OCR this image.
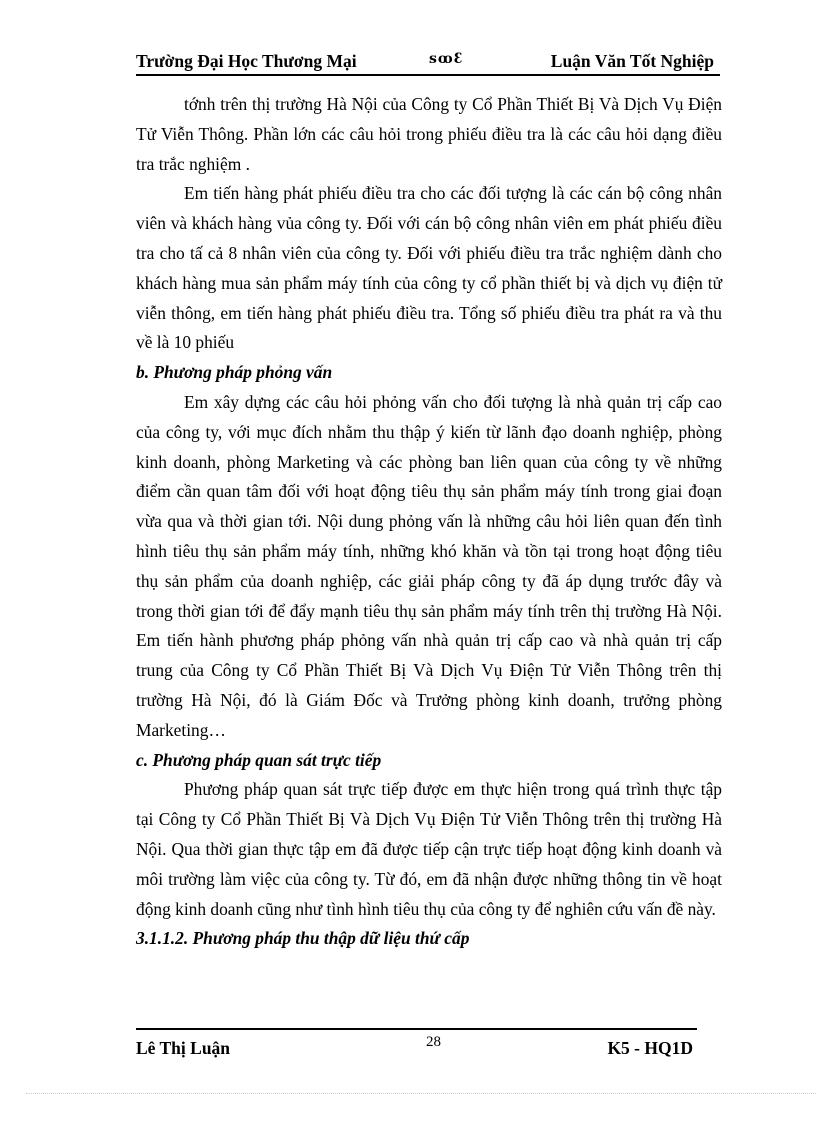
Trường Đại Học Thương Mại	ꜱꝏꜫ	Luận Văn Tốt Nghiệp

tớnh trên thị trường Hà Nội của Công ty Cổ Phần Thiết Bị Và Dịch Vụ Điện Tử Viễn Thông. Phần lớn các câu hỏi trong phiếu điều tra là các câu hỏi dạng điều tra trắc nghiệm .

Em tiến hàng phát phiếu điều tra cho các đối tượng là các cán bộ công nhân viên và khách hàng vủa công ty. Đối với cán bộ công nhân viên em phát phiếu điều tra cho tấ cả 8 nhân viên của công ty. Đối với phiếu điều tra trắc nghiệm dành cho khách hàng mua sản phẩm máy tính của công ty cổ phần thiết bị và dịch vụ điện tử viễn thông, em tiến hàng phát phiếu điều tra. Tổng số phiếu điều tra phát ra và thu về là 10 phiếu

b. Phương pháp phỏng vấn

Em xây dựng các câu hỏi phỏng vấn cho đối tượng là nhà quản trị cấp cao của công ty, với mục đích nhằm thu thập ý kiến từ lãnh đạo doanh nghiệp, phòng kinh doanh, phòng Marketing và các phòng ban liên quan của công ty về những điểm cần quan tâm đối với hoạt động tiêu thụ sản phẩm máy tính trong giai đoạn vừa qua và thời gian tới. Nội dung phỏng vấn là những câu hỏi liên quan đến tình hình tiêu thụ sản phẩm máy tính, những khó khăn và tồn tại trong hoạt động tiêu thụ sản phẩm của doanh nghiệp, các giải pháp công ty đã áp dụng trước đây và trong thời gian tới để đẩy mạnh tiêu thụ sản phẩm máy tính trên thị trường Hà Nội. Em tiến hành phương pháp phỏng vấn nhà quản trị cấp cao và nhà quản trị cấp trung của Công ty Cổ Phần Thiết Bị Và Dịch Vụ Điện Tử Viễn Thông trên thị trường Hà Nội, đó là Giám Đốc và Trưởng phòng kinh doanh, trưởng phòng Marketing…

c. Phương pháp quan sát trực tiếp

Phương pháp quan sát trực tiếp được em thực hiện trong quá trình thực tập tại Công ty Cổ Phần Thiết Bị Và Dịch Vụ Điện Tử Viễn Thông trên thị trường Hà Nội. Qua thời gian thực tập em đã được tiếp cận trực tiếp hoạt động kinh doanh và môi trường làm việc của công ty. Từ đó, em đã nhận được những thông tin về hoạt động kinh doanh cũng như tình hình tiêu thụ của công ty để nghiên cứu vấn đề này.

3.1.1.2. Phương pháp thu thập dữ liệu thứ cấp

Lê Thị Luận	28	K5 - HQ1D
